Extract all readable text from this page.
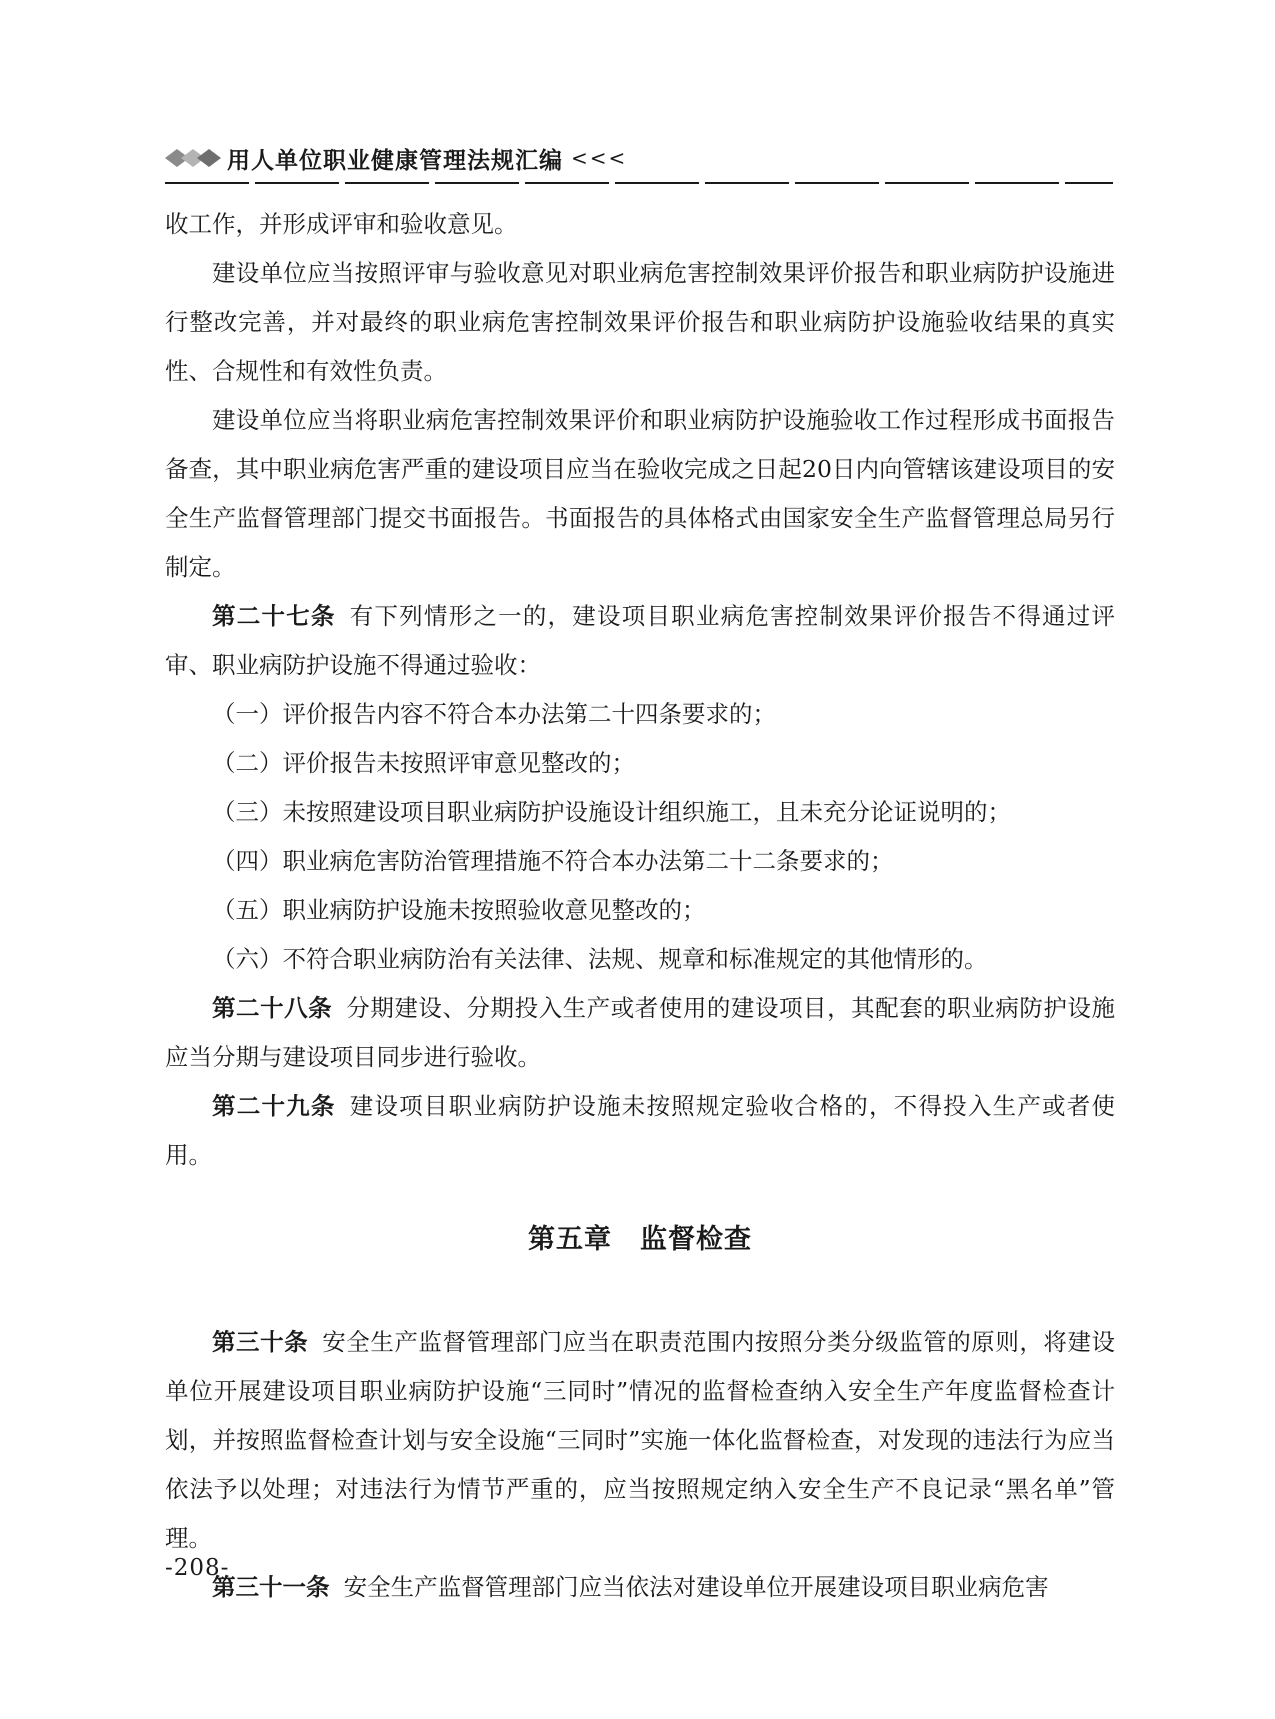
用人单位职业健康管理法规汇编 <<<

收工作，并形成评审和验收意见。

建设单位应当按照评审与验收意见对职业病危害控制效果评价报告和职业病防护设施进行整改完善，并对最终的职业病危害控制效果评价报告和职业病防护设施验收结果的真实性、合规性和有效性负责。

建设单位应当将职业病危害控制效果评价和职业病防护设施验收工作过程形成书面报告备查，其中职业病危害严重的建设项目应当在验收完成之日起20日内向管辖该建设项目的安全生产监督管理部门提交书面报告。书面报告的具体格式由国家安全生产监督管理总局另行制定。

第二十七条 有下列情形之一的，建设项目职业病危害控制效果评价报告不得通过评审、职业病防护设施不得通过验收：

（一）评价报告内容不符合本办法第二十四条要求的；

（二）评价报告未按照评审意见整改的；

（三）未按照建设项目职业病防护设施设计组织施工，且未充分论证说明的；

（四）职业病危害防治管理措施不符合本办法第二十二条要求的；

（五）职业病防护设施未按照验收意见整改的；

（六）不符合职业病防治有关法律、法规、规章和标准规定的其他情形的。

第二十八条 分期建设、分期投入生产或者使用的建设项目，其配套的职业病防护设施应当分期与建设项目同步进行验收。

第二十九条 建设项目职业病防护设施未按照规定验收合格的，不得投入生产或者使用。

第五章　监督检查

第三十条 安全生产监督管理部门应当在职责范围内按照分类分级监管的原则，将建设单位开展建设项目职业病防护设施“三同时”情况的监督检查纳入安全生产年度监督检查计划，并按照监督检查计划与安全设施“三同时”实施一体化监督检查，对发现的违法行为应当依法予以处理；对违法行为情节严重的，应当按照规定纳入安全生产不良记录“黑名单”管理。

第三十一条 安全生产监督管理部门应当依法对建设单位开展建设项目职业病危害

-208-
